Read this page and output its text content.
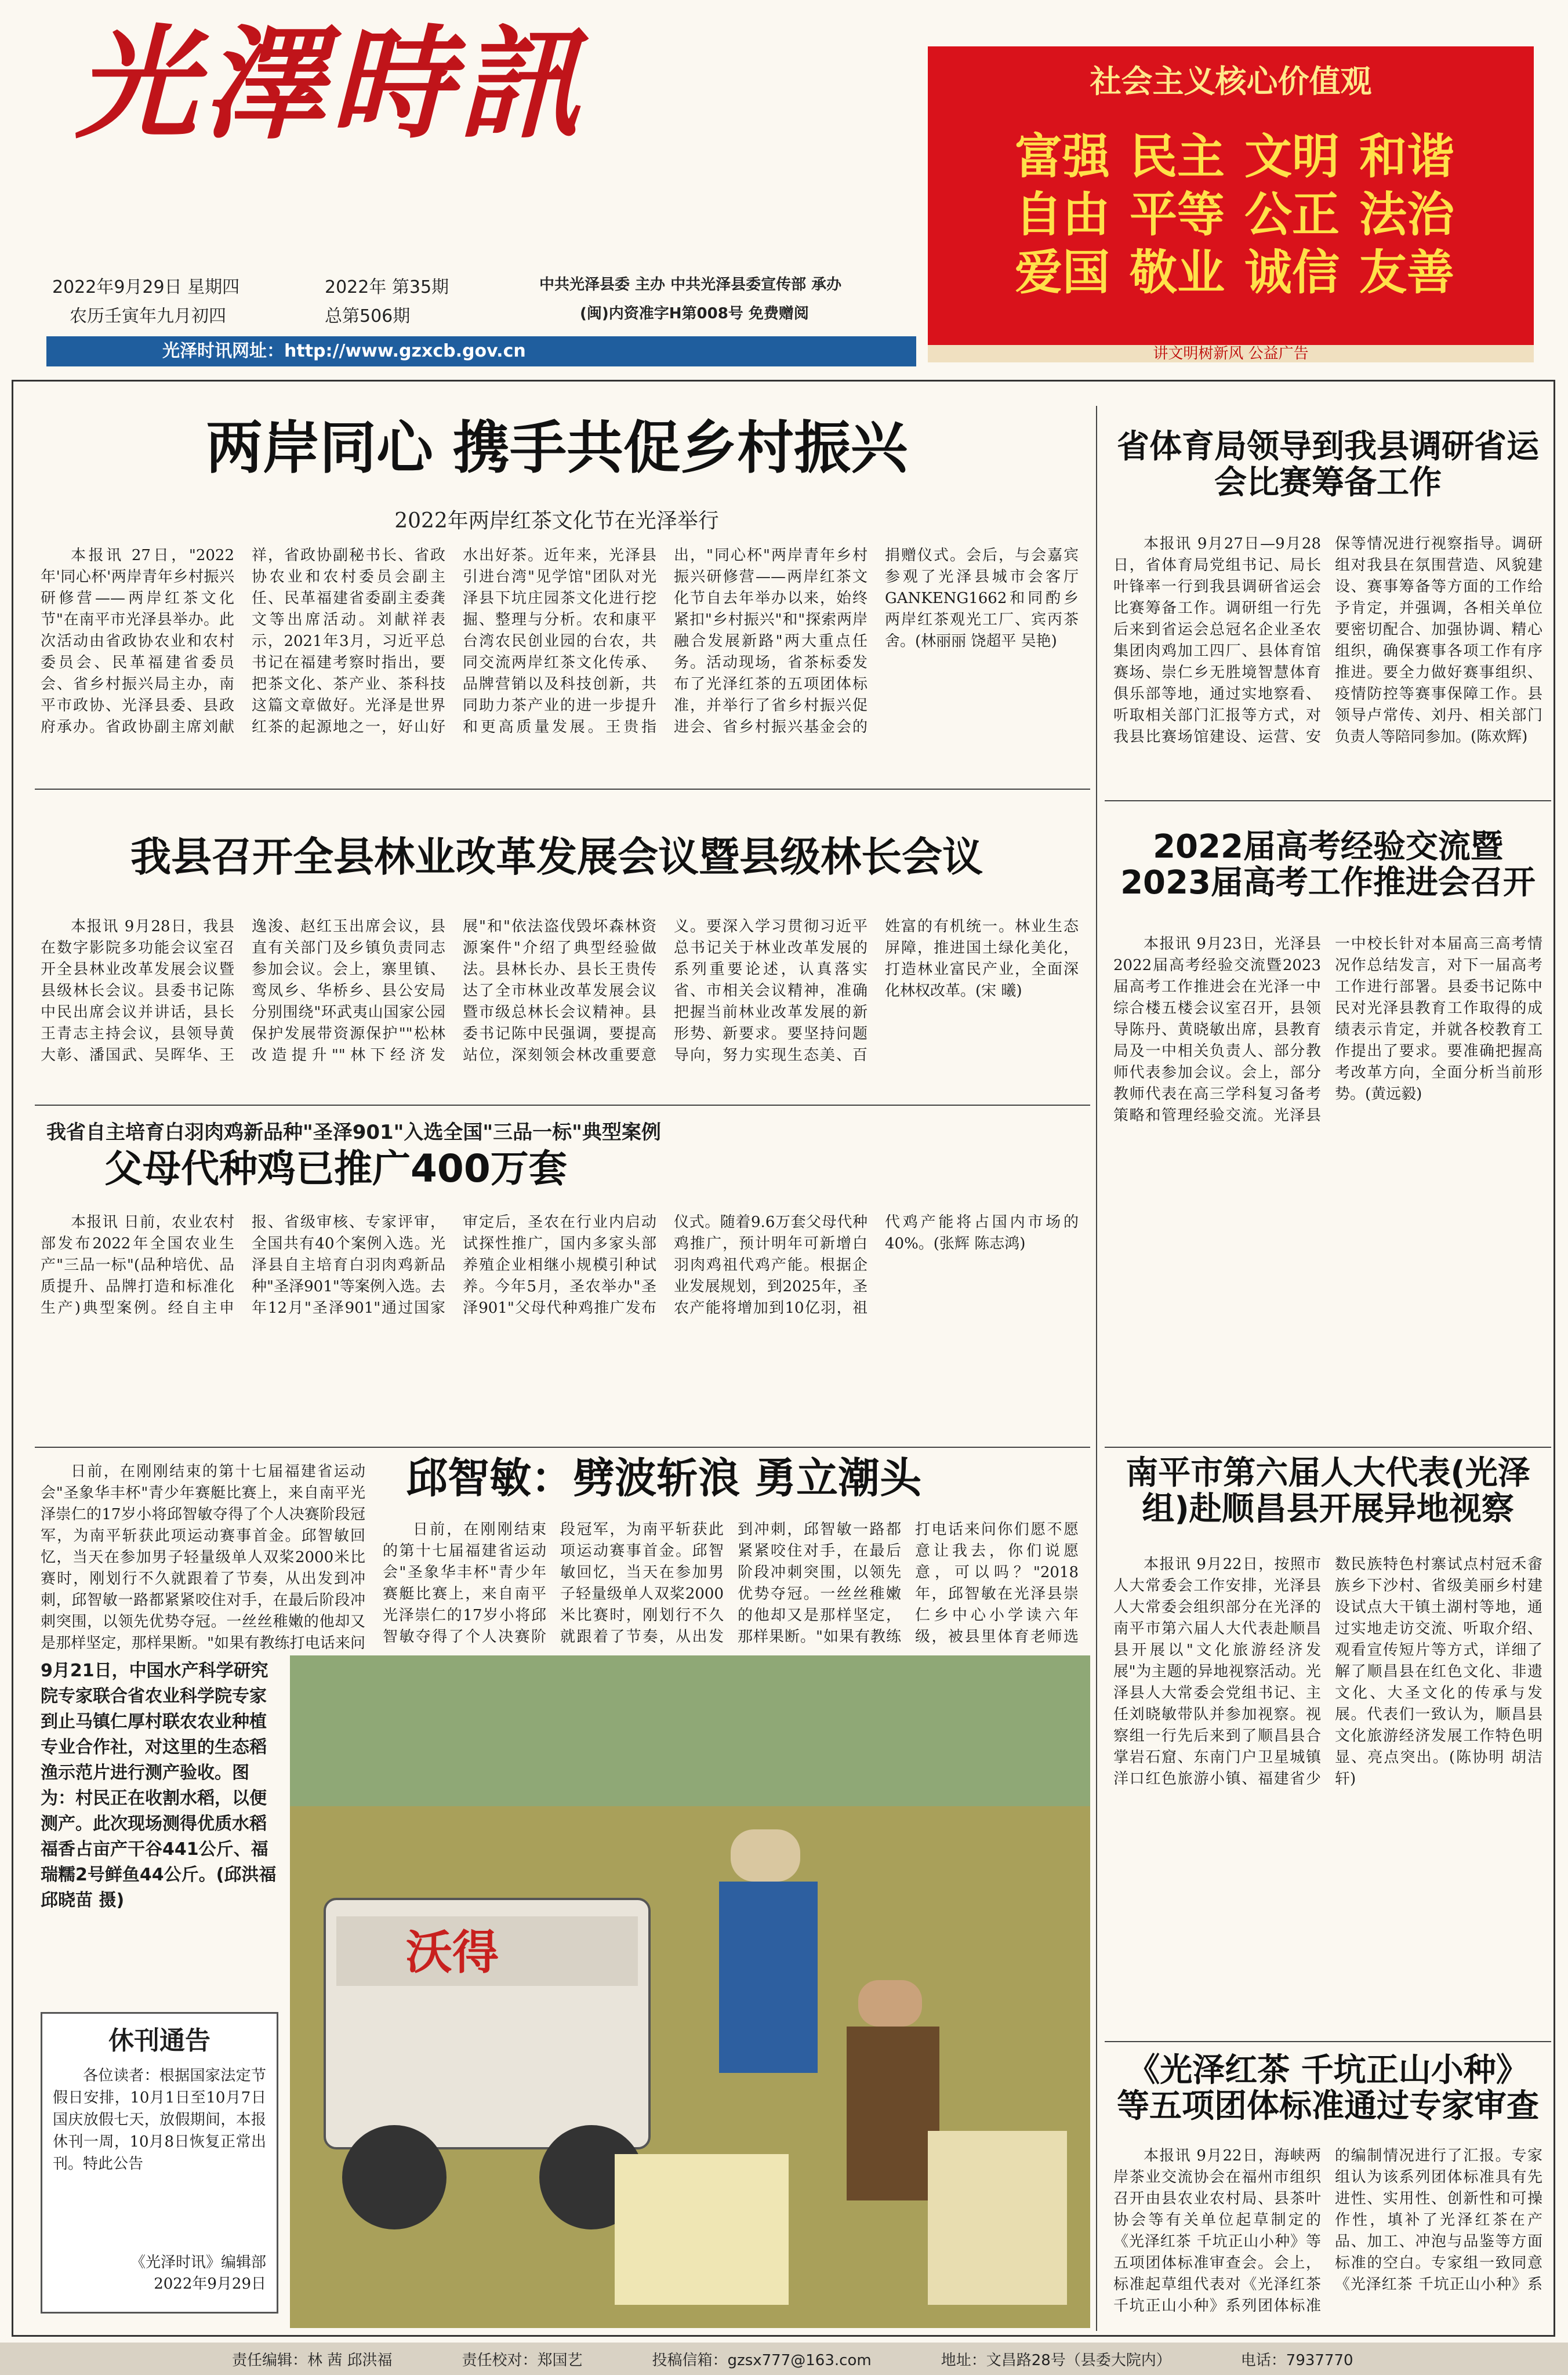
光澤時訊
2022年9月29日 星期四	2022年 第35期
农历壬寅年九月初四	总第506期
中共光泽县委 主办 中共光泽县委宣传部 承办
(闽)内资准字H第008号 免费赠阅
光泽时讯网址：http://www.gzxcb.gov.cn
社会主义核心价值观
富强 民主 文明 和谐
自由 平等 公正 法治
爱国 敬业 诚信 友善
讲文明树新风 公益广告
两岸同心 携手共促乡村振兴
2022年两岸红茶文化节在光泽举行

本报讯 27日，"2022年'同心杯'两岸青年乡村振兴研修营——两岸红茶文化节"在南平市光泽县举办。此次活动由省政协农业和农村委员会、民革福建省委员会、省乡村振兴局主办，南平市政协、光泽县委、县政府承办。省政协副主席刘献祥，省政协副秘书长、省政协农业和农村委员会副主任、民革福建省委副主委龚文等出席活动。刘献祥表示，2021年3月，习近平总书记在福建考察时指出，要把茶文化、茶产业、茶科技这篇文章做好。光泽是世界红茶的起源地之一，好山好水出好茶。近年来，光泽县引进台湾"见学馆"团队对光泽县下坑庄园茶文化进行挖掘、整理与分析。农和康平台湾农民创业园的台农，共同交流两岸红茶文化传承、品牌营销以及科技创新，共同助力茶产业的进一步提升和更高质量发展。王贵指出，"同心杯"两岸青年乡村振兴研修营——两岸红茶文化节自去年举办以来，始终紧扣"乡村振兴"和"探索两岸融合发展新路"两大重点任务。活动现场，省茶标委发布了光泽红茶的五项团体标准，并举行了省乡村振兴促进会、省乡村振兴基金会的捐赠仪式。会后，与会嘉宾参观了光泽县城市会客厅GANKENG1662和同酌乡两岸红茶观光工厂、宾丙茶舍。(林丽丽 饶超平 吴艳)

我县召开全县林业改革发展会议暨县级林长会议

本报讯 9月28日，我县在数字影院多功能会议室召开全县林业改革发展会议暨县级林长会议。县委书记陈中民出席会议并讲话，县长王青志主持会议，县领导黄大彰、潘国武、吴晖华、王逸浚、赵红玉出席会议，县直有关部门及乡镇负责同志参加会议。会上，寨里镇、鸾凤乡、华桥乡、县公安局分别围绕"环武夷山国家公园保护发展带资源保护""松林改造提升""林下经济发展"和"依法盗伐毁坏森林资源案件"介绍了典型经验做法。县林长办、县长王贵传达了全市林业改革发展会议暨市级总林长会议精神。县委书记陈中民强调，要提高站位，深刻领会林改重要意义。要深入学习贯彻习近平总书记关于林业改革发展的系列重要论述，认真落实省、市相关会议精神，准确把握当前林业改革发展的新形势、新要求。要坚持问题导向，努力实现生态美、百姓富的有机统一。林业生态屏障，推进国土绿化美化，打造林业富民产业，全面深化林权改革。(宋 曦)

我省自主培育白羽肉鸡新品种"圣泽901"入选全国"三品一标"典型案例
父母代种鸡已推广400万套

本报讯 日前，农业农村部发布2022年全国农业生产"三品一标"(品种培优、品质提升、品牌打造和标准化生产)典型案例。经自主申报、省级审核、专家评审，全国共有40个案例入选。光泽县自主培育白羽肉鸡新品种"圣泽901"等案例入选。去年12月"圣泽901"通过国家审定后，圣农在行业内启动试探性推广，国内多家头部养殖企业相继小规模引种试养。今年5月，圣农举办"圣泽901"父母代种鸡推广发布仪式。随着9.6万套父母代种鸡推广，预计明年可新增白羽肉鸡祖代鸡产能。根据企业发展规划，到2025年，圣农产能将增加到10亿羽，祖代鸡产能将占国内市场的40%。(张辉 陈志鸿)

邱智敏：劈波斩浪 勇立潮头

日前，在刚刚结束的第十七届福建省运动会"圣象华丰杯"青少年赛艇比赛上，来自南平光泽崇仁的17岁小将邱智敏夺得了个人决赛阶段冠军，为南平斩获此项运动赛事首金。邱智敏回忆，当天在参加男子轻量级单人双桨2000米比赛时，刚划行不久就跟着了节奏，从出发到冲刺，邱智敏一路都紧紧咬住对手，在最后阶段冲刺突围，以领先优势夺冠。一丝丝稚嫩的他却又是那样坚定，那样果断。"如果有教练打电话来问

日前，在刚刚结束的第十七届福建省运动会"圣象华丰杯"青少年赛艇比赛上，来自南平光泽崇仁的17岁小将邱智敏夺得了个人决赛阶段冠军，为南平斩获此项运动赛事首金。邱智敏回忆，当天在参加男子轻量级单人双桨2000米比赛时，刚划行不久就跟着了节奏，从出发到冲刺，邱智敏一路都紧紧咬住对手，在最后阶段冲刺突围，以领先优势夺冠。一丝丝稚嫩的他却又是那样坚定，那样果断。"如果有教练打电话来问你们愿不愿意让我去，你们说愿意，可以吗？"2018年，邱智敏在光泽县崇仁乡中心小学读六年级，被县里体育老师选

沃得
9月21日，中国水产科学研究院专家联合省农业科学院专家到止马镇仁厚村联农农业种植专业合作社，对这里的生态稻渔示范片进行测产验收。图为：村民正在收割水稻，以便测产。此次现场测得优质水稻福香占亩产干谷441公斤、福瑞糯2号鲜鱼44公斤。(邱洪福 邱晓苗 摄)
休刊通告

各位读者：根据国家法定节假日安排，10月1日至10月7日国庆放假七天，放假期间，本报休刊一周，10月8日恢复正常出刊。特此公告

《光泽时讯》编辑部
2022年9月29日
省体育局领导到我县调研省运会比赛筹备工作

本报讯 9月27日—9月28日，省体育局党组书记、局长叶锋率一行到我县调研省运会比赛筹备工作。调研组一行先后来到省运会总冠名企业圣农集团肉鸡加工四厂、县体育馆赛场、崇仁乡无胜境智慧体育俱乐部等地，通过实地察看、听取相关部门汇报等方式，对我县比赛场馆建设、运营、安保等情况进行视察指导。调研组对我县在氛围营造、风貌建设、赛事筹备等方面的工作给予肯定，并强调，各相关单位要密切配合、加强协调、精心组织，确保赛事各项工作有序推进。要全力做好赛事组织、疫情防控等赛事保障工作。县领导卢常传、刘丹、相关部门负责人等陪同参加。(陈欢辉)

2022届高考经验交流暨2023届高考工作推进会召开

本报讯 9月23日，光泽县2022届高考经验交流暨2023届高考工作推进会在光泽一中综合楼五楼会议室召开，县领导陈丹、黄晓敏出席，县教育局及一中相关负责人、部分教师代表参加会议。会上，部分教师代表在高三学科复习备考策略和管理经验交流。光泽县一中校长针对本届高三高考情况作总结发言，对下一届高考工作进行部署。县委书记陈中民对光泽县教育工作取得的成绩表示肯定，并就各校教育工作提出了要求。要准确把握高考改革方向，全面分析当前形势。(黄远毅)

南平市第六届人大代表(光泽组)赴顺昌县开展异地视察

本报讯 9月22日，按照市人大常委会工作安排，光泽县人大常委会组织部分在光泽的南平市第六届人大代表赴顺昌县开展以"文化旅游经济发展"为主题的异地视察活动。光泽县人大常委会党组书记、主任刘晓敏带队并参加视察。视察组一行先后来到了顺昌县合掌岩石窟、东南门户卫星城镇洋口红色旅游小镇、福建省少数民族特色村寨试点村冠禾畲族乡下沙村、省级美丽乡村建设试点大干镇土湖村等地，通过实地走访交流、听取介绍、观看宣传短片等方式，详细了解了顺昌县在红色文化、非遗文化、大圣文化的传承与发展。代表们一致认为，顺昌县文化旅游经济发展工作特色明显、亮点突出。(陈协明 胡洁轩)

《光泽红茶 千坑正山小种》等五项团体标准通过专家审查

本报讯 9月22日，海峡两岸茶业交流协会在福州市组织召开由县农业农村局、县茶叶协会等有关单位起草制定的《光泽红茶 千坑正山小种》等五项团体标准审查会。会上，标准起草组代表对《光泽红茶 千坑正山小种》系列团体标准的编制情况进行了汇报。专家组认为该系列团体标准具有先进性、实用性、创新性和可操作性，填补了光泽红茶在产品、加工、冲泡与品鉴等方面标准的空白。专家组一致同意《光泽红茶 千坑正山小种》系

责任编辑：林 茜 邱洪福	责任校对：郑国艺	投稿信箱：gzsx777@163.com	地址：文昌路28号（县委大院内）	电话：7937770
